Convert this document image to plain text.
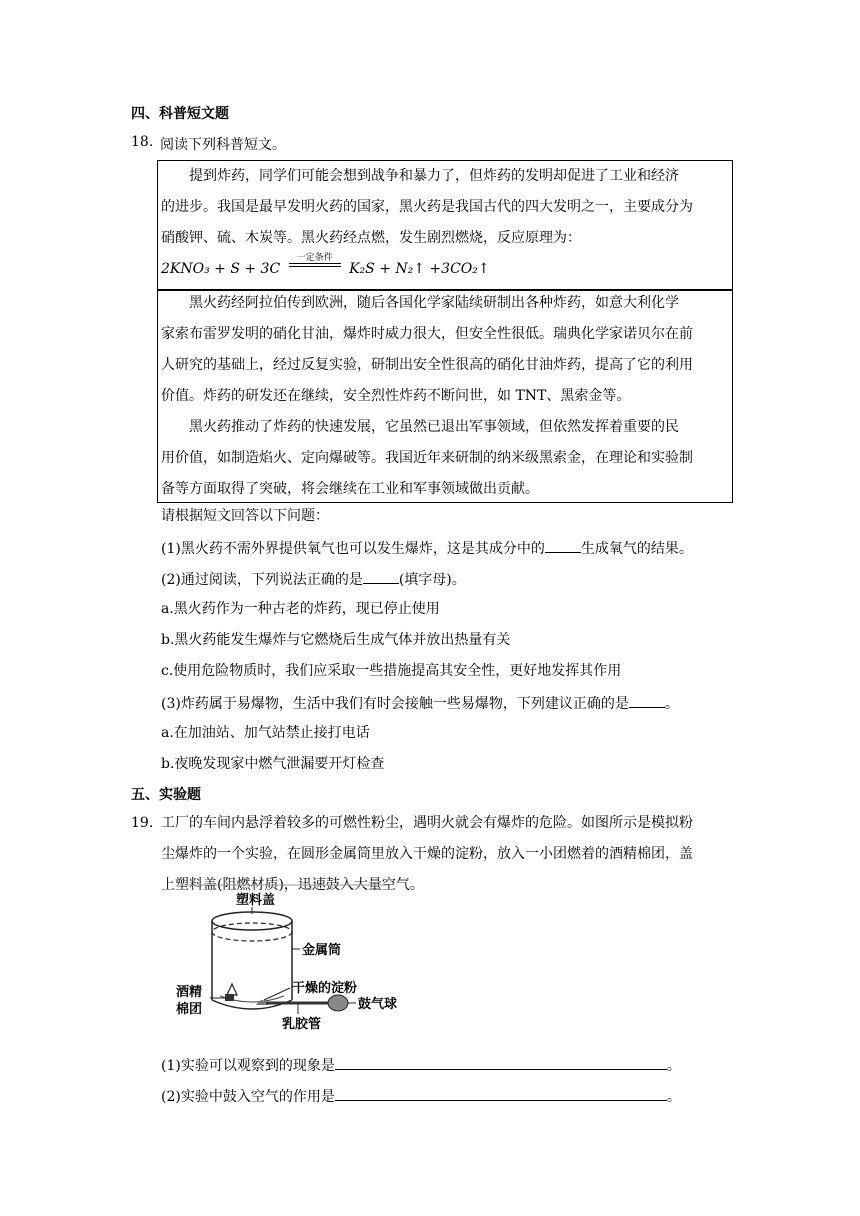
四、科普短文题
18. 阅读下列科普短文。
提到炸药，同学们可能会想到战争和暴力了，但炸药的发明却促进了工业和经济
的进步。我国是最早发明火药的国家，黑火药是我国古代的四大发明之一，主要成分为
硝酸钾、硫、木炭等。黑火药经点燃，发生剧烈燃烧，反应原理为：
2KNO₃ + S + 3C
一定条件
K₂S + N₂↑ +3CO₂↑
黑火药经阿拉伯传到欧洲，随后各国化学家陆续研制出各种炸药，如意大利化学
家索布雷罗发明的硝化甘油，爆炸时威力很大，但安全性很低。瑞典化学家诺贝尔在前
人研究的基础上，经过反复实验，研制出安全性很高的硝化甘油炸药，提高了它的利用
价值。炸药的研发还在继续，安全烈性炸药不断问世，如 TNT、黑索金等。
黑火药推动了炸药的快速发展，它虽然已退出军事领域，但依然发挥着重要的民
用价值，如制造焰火、定向爆破等。我国近年来研制的纳米级黑索金，在理论和实验制
备等方面取得了突破，将会继续在工业和军事领域做出贡献。
请根据短文回答以下问题：
(1)黑火药不需外界提供氧气也可以发生爆炸，这是其成分中的	生成氧气的结果。
(2)通过阅读，下列说法正确的是	(填字母)。
a.黑火药作为一种古老的炸药，现已停止使用
b.黑火药能发生爆炸与它燃烧后生成气体并放出热量有关
c.使用危险物质时，我们应采取一些措施提高其安全性，更好地发挥其作用
(3)炸药属于易爆物，生活中我们有时会接触一些易爆物，下列建议正确的是	。
a.在加油站、加气站禁止接打电话
b.夜晚发现家中燃气泄漏要开灯检查
五、实验题
19. 工厂的车间内悬浮着较多的可燃性粉尘，遇明火就会有爆炸的危险。如图所示是模拟粉
尘爆炸的一个实验，在圆形金属筒里放入干燥的淀粉，放入一小团燃着的酒精棉团，盖
上塑料盖(阻燃材质)，迅速鼓入大量空气。
塑料盖
金属筒
酒精
棉团
干燥的淀粉
鼓气球
乳胶管
(1)实验可以观察到的现象是	。
(2)实验中鼓入空气的作用是	。
